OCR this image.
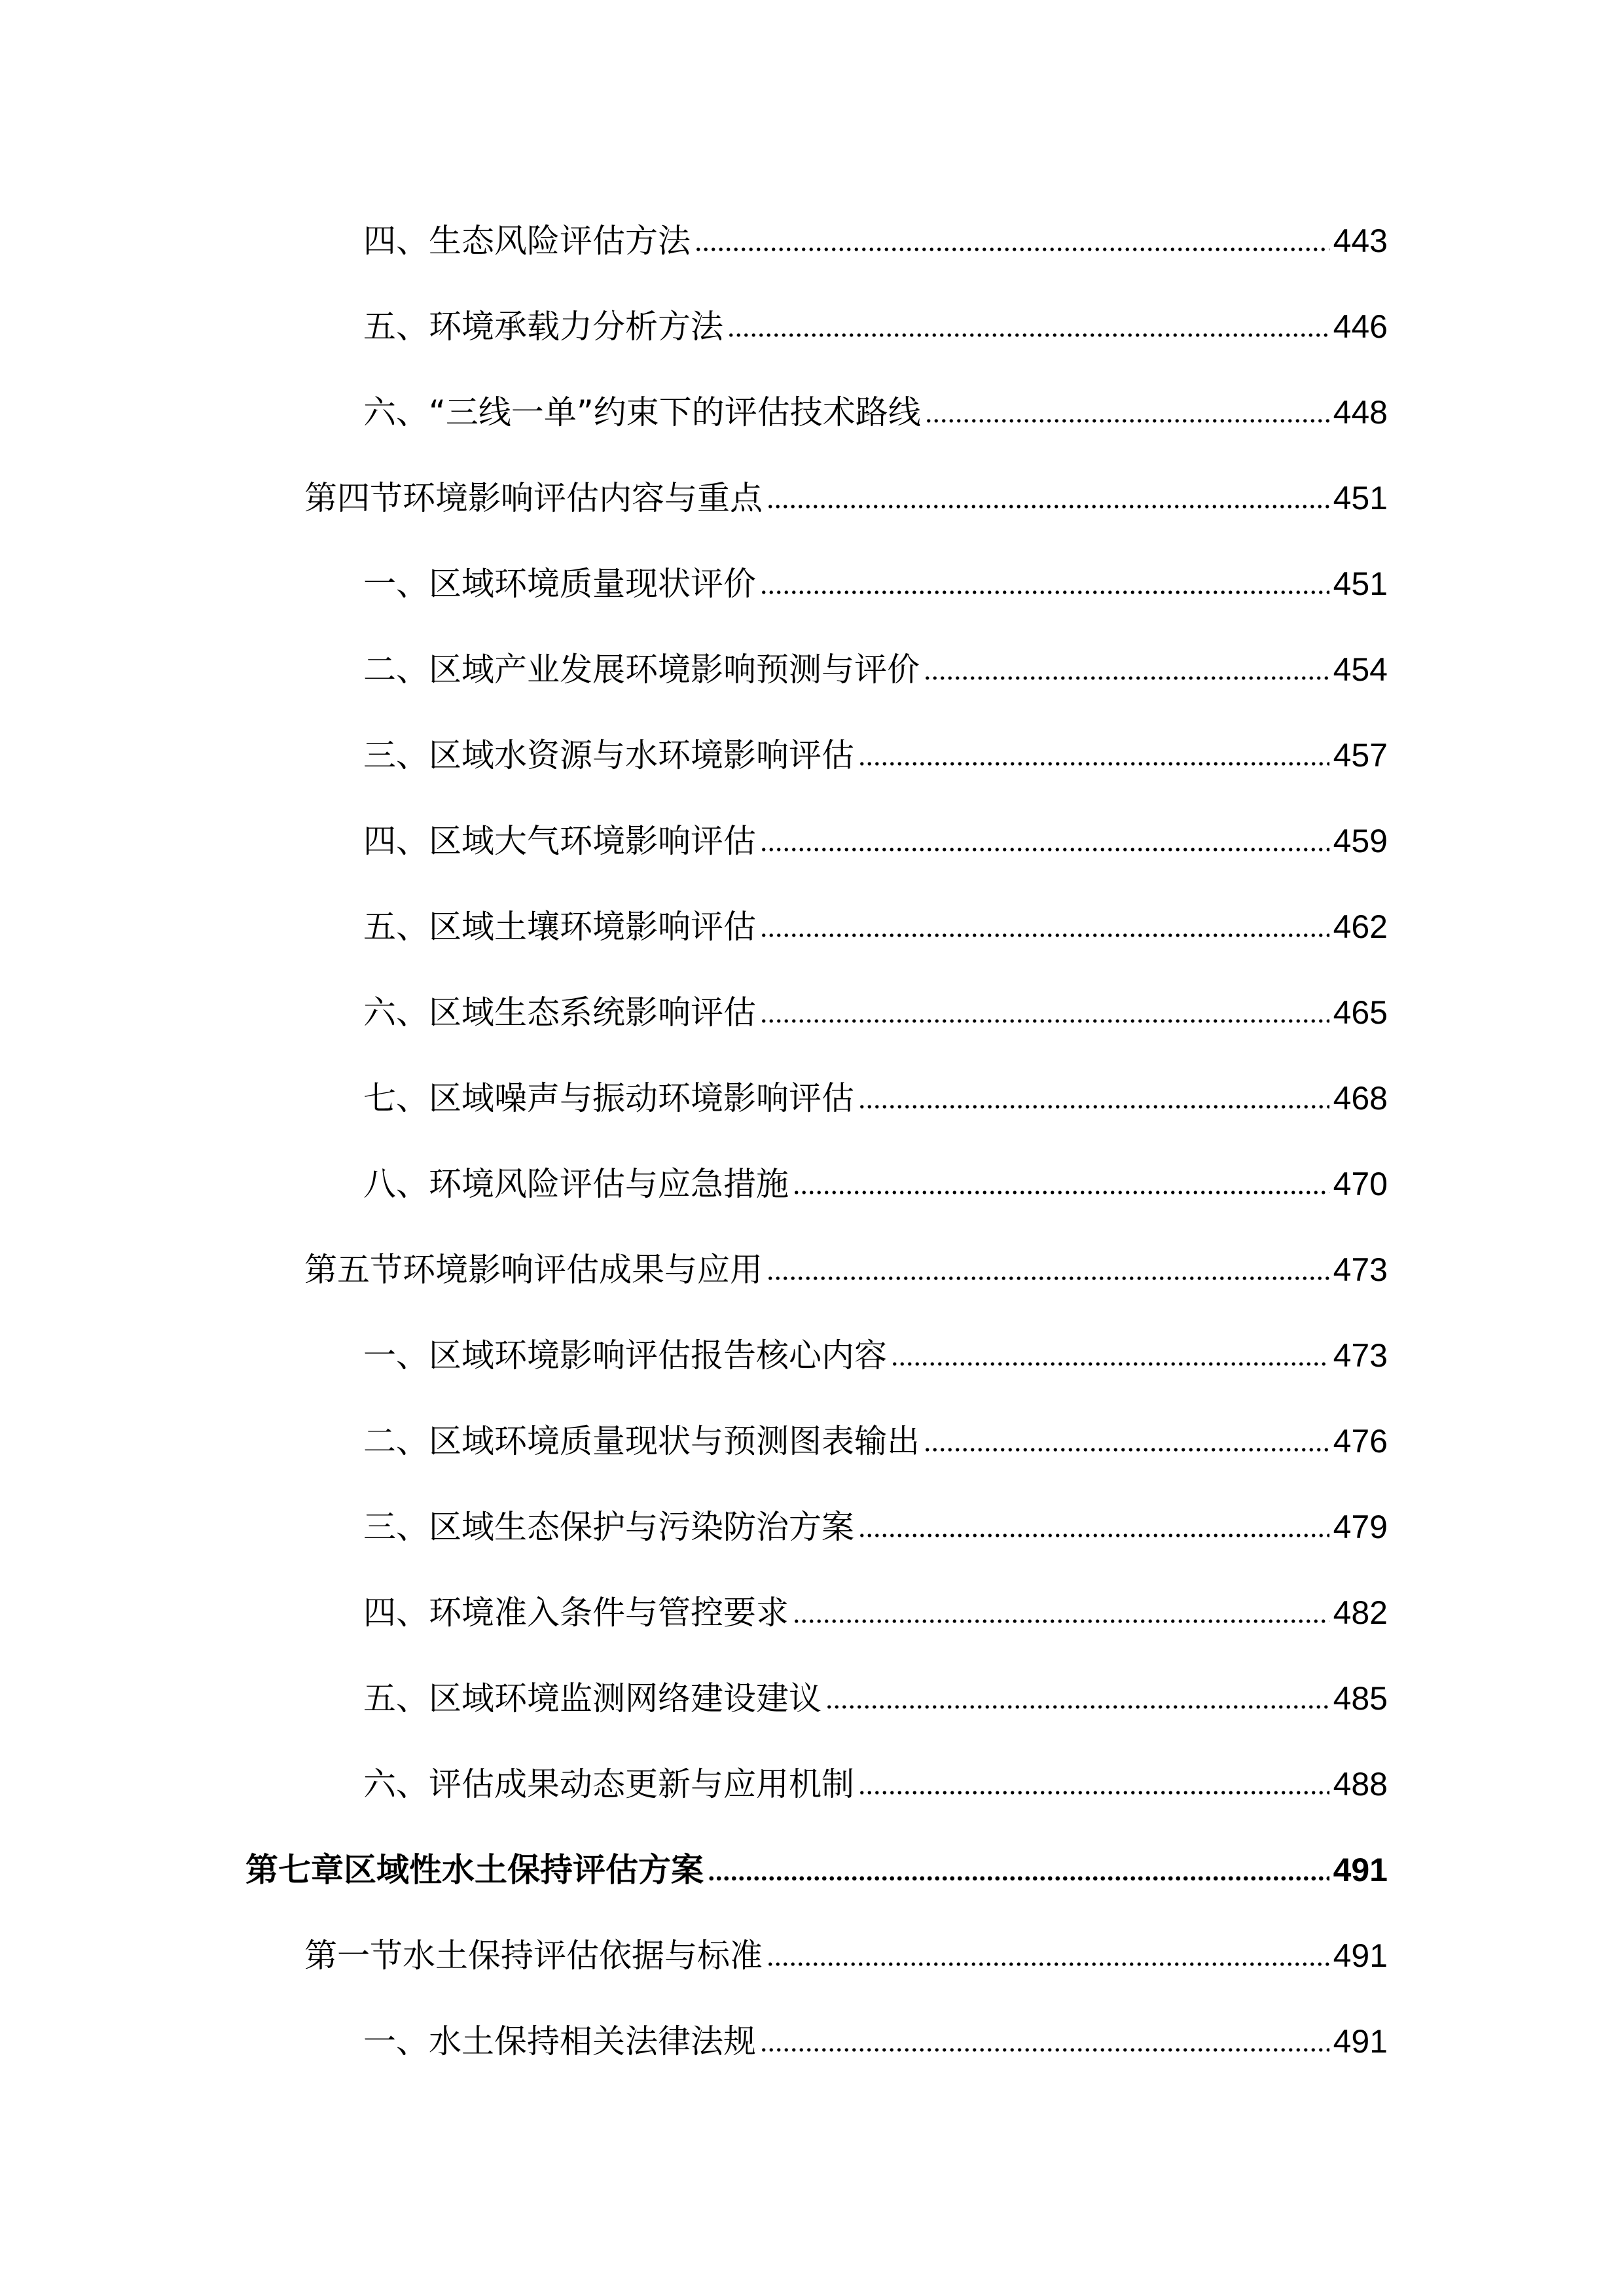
四、生态风险评估方法	443
五、环境承载力分析方法	446
六、“三线一单”约束下的评估技术路线	448
第四节环境影响评估内容与重点	451
一、区域环境质量现状评价	451
二、区域产业发展环境影响预测与评价	454
三、区域水资源与水环境影响评估	457
四、区域大气环境影响评估	459
五、区域土壤环境影响评估	462
六、区域生态系统影响评估	465
七、区域噪声与振动环境影响评估	468
八、环境风险评估与应急措施	470
第五节环境影响评估成果与应用	473
一、区域环境影响评估报告核心内容	473
二、区域环境质量现状与预测图表输出	476
三、区域生态保护与污染防治方案	479
四、环境准入条件与管控要求	482
五、区域环境监测网络建设建议	485
六、评估成果动态更新与应用机制	488
第七章区域性水土保持评估方案	491
第一节水土保持评估依据与标准	491
一、水土保持相关法律法规	491
